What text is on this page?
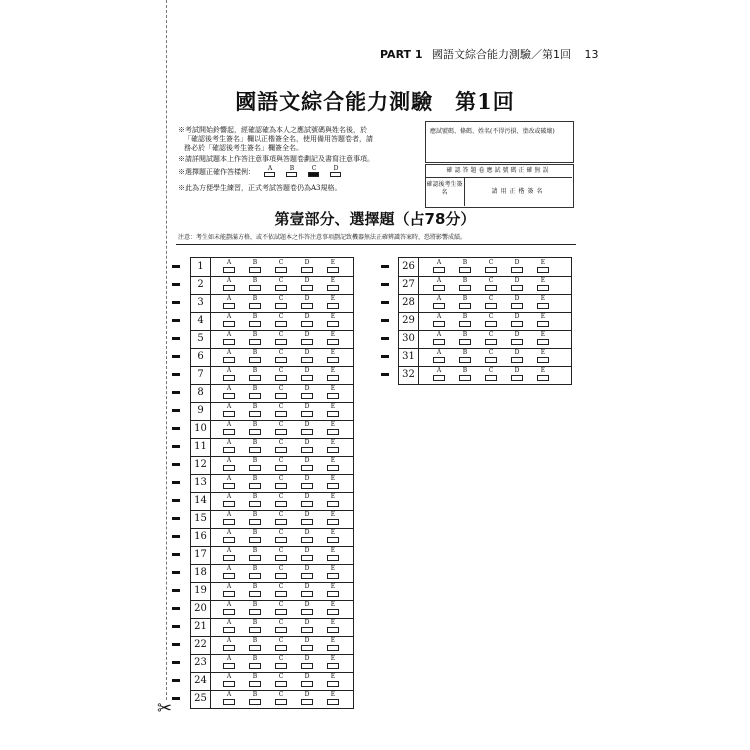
PART 1 國語文綜合能力測驗／第1回 13
✂
國語文綜合能力測驗　第1回
※考試開始鈴響起，經確認確為本人之應試號碼與姓名後，於
「確認後考生簽名」欄以正楷簽全名，使用備用答題卷者，請
務必於「確認後考生簽名」欄簽全名。
※請詳閱試題本上作答注意事項與答題卷劃記及書寫注意事項。
※選擇題正確作答樣例：
※此為方便學生練習，正式考試答題卷仍為A3規格。
A	B	C	D
應試號碼、條碼、姓名(不得污損、塗改或破壞)
確認答題卷應試號碼正確無誤
確認後考生簽名	請用正楷簽名
第壹部分、選擇題（占78分）
注意：考生如未能劃滿方格，或不依試題本之作答注意事項劃記致機器無法正確辨識答案時，恐將影響成績。
1	A	B	C	D	E
2	A	B	C	D	E
3	A	B	C	D	E
4	A	B	C	D	E
5	A	B	C	D	E
6	A	B	C	D	E
7	A	B	C	D	E
8	A	B	C	D	E
9	A	B	C	D	E
10	A	B	C	D	E
11	A	B	C	D	E
12	A	B	C	D	E
13	A	B	C	D	E
14	A	B	C	D	E
15	A	B	C	D	E
16	A	B	C	D	E
17	A	B	C	D	E
18	A	B	C	D	E
19	A	B	C	D	E
20	A	B	C	D	E
21	A	B	C	D	E
22	A	B	C	D	E
23	A	B	C	D	E
24	A	B	C	D	E
25	A	B	C	D	E
26	A	B	C	D	E
27	A	B	C	D	E
28	A	B	C	D	E
29	A	B	C	D	E
30	A	B	C	D	E
31	A	B	C	D	E
32	A	B	C	D	E
